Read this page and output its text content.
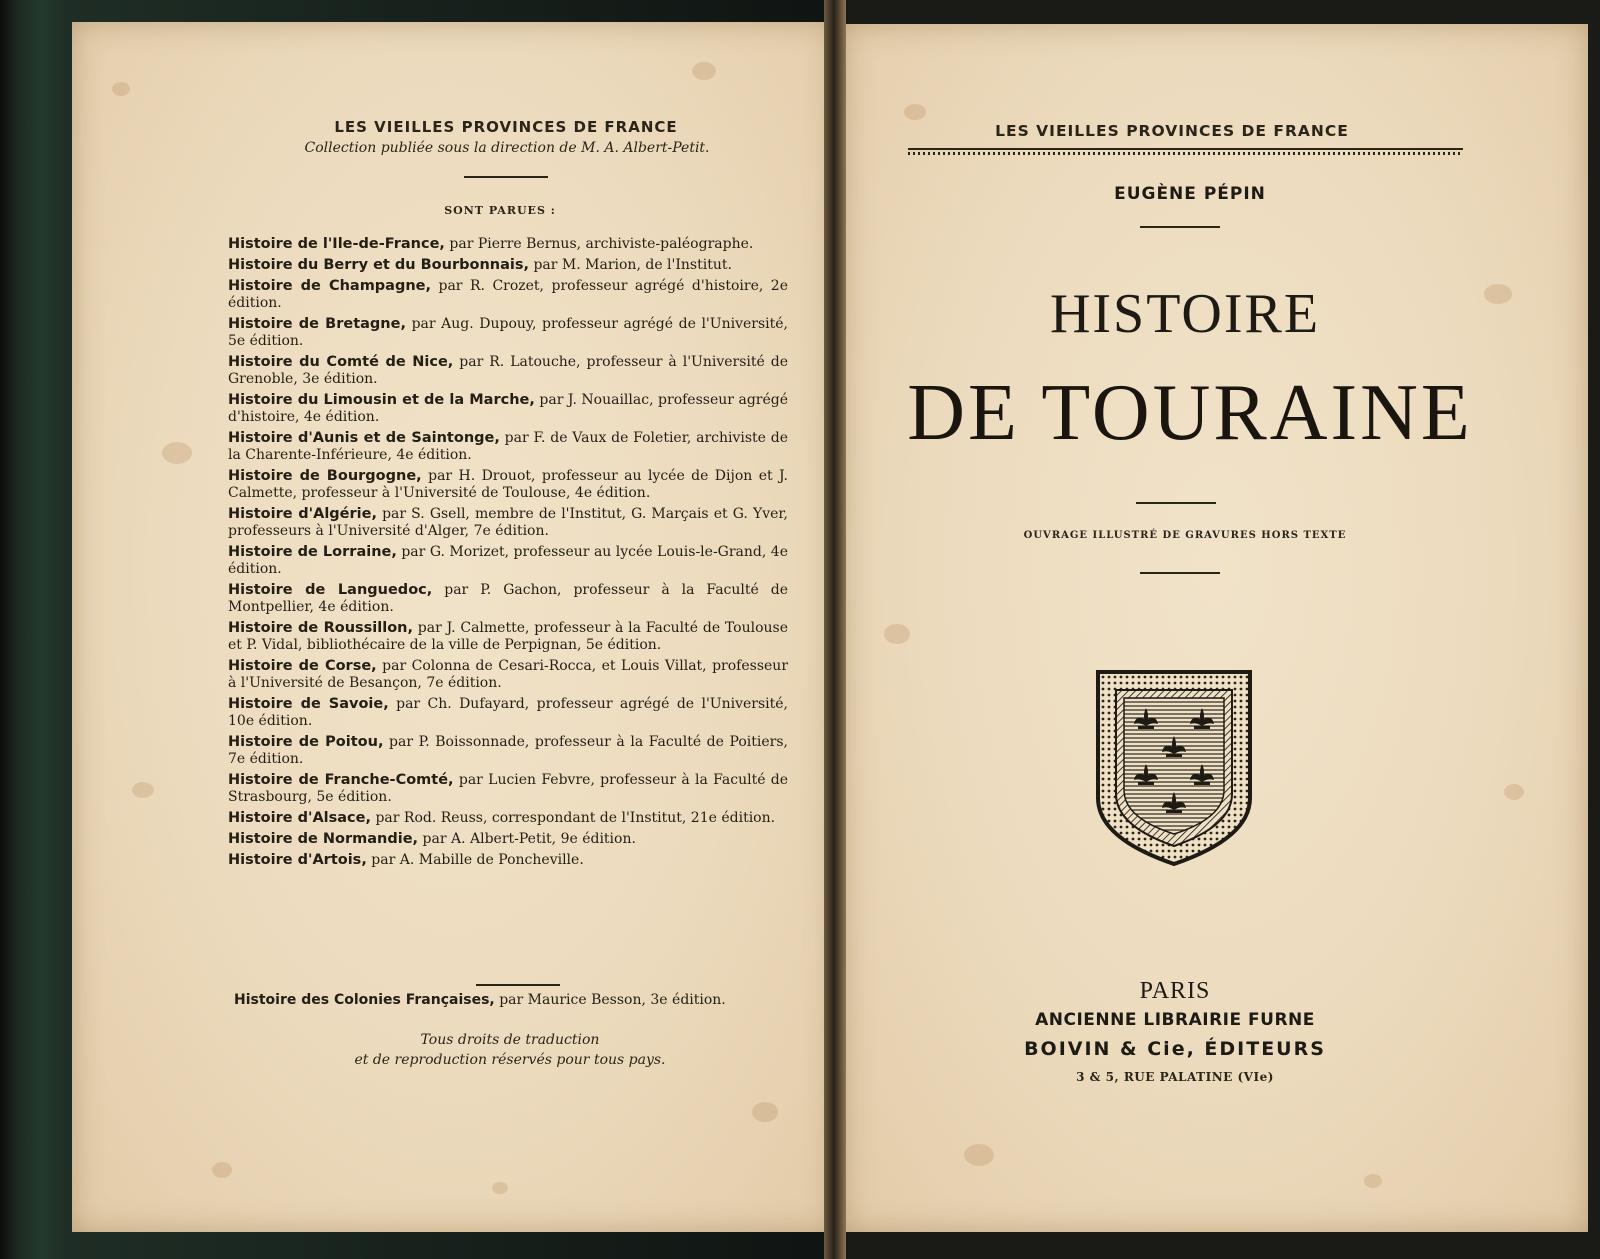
LES VIEILLES PROVINCES DE FRANCE
Collection publiée sous la direction de M. A. Albert-Petit.
SONT PARUES :
Histoire de l'Ile-de-France, par Pierre Bernus, archiviste-paléographe.
Histoire du Berry et du Bourbonnais, par M. Marion, de l'Institut.
Histoire de Champagne, par R. Crozet, professeur agrégé d'histoire, 2e édition.
Histoire de Bretagne, par Aug. Dupouy, professeur agrégé de l'Université, 5e édition.
Histoire du Comté de Nice, par R. Latouche, professeur à l'Université de Grenoble, 3e édition.
Histoire du Limousin et de la Marche, par J. Nouaillac, professeur agrégé d'histoire, 4e édition.
Histoire d'Aunis et de Saintonge, par F. de Vaux de Foletier, archiviste de la Charente-Inférieure, 4e édition.
Histoire de Bourgogne, par H. Drouot, professeur au lycée de Dijon et J. Calmette, professeur à l'Université de Toulouse, 4e édition.
Histoire d'Algérie, par S. Gsell, membre de l'Institut, G. Marçais et G. Yver, professeurs à l'Université d'Alger, 7e édition.
Histoire de Lorraine, par G. Morizet, professeur au lycée Louis-le-Grand, 4e édition.
Histoire de Languedoc, par P. Gachon, professeur à la Faculté de Montpellier, 4e édition.
Histoire de Roussillon, par J. Calmette, professeur à la Faculté de Toulouse et P. Vidal, bibliothécaire de la ville de Perpignan, 5e édition.
Histoire de Corse, par Colonna de Cesari-Rocca, et Louis Villat, professeur à l'Université de Besançon, 7e édition.
Histoire de Savoie, par Ch. Dufayard, professeur agrégé de l'Université, 10e édition.
Histoire de Poitou, par P. Boissonnade, professeur à la Faculté de Poitiers, 7e édition.
Histoire de Franche-Comté, par Lucien Febvre, professeur à la Faculté de Strasbourg, 5e édition.
Histoire d'Alsace, par Rod. Reuss, correspondant de l'Institut, 21e édition.
Histoire de Normandie, par A. Albert-Petit, 9e édition.
Histoire d'Artois, par A. Mabille de Poncheville.
Histoire des Colonies Françaises, par Maurice Besson, 3e édition.
Tous droits de traduction
et de reproduction réservés pour tous pays.
LES VIEILLES PROVINCES DE FRANCE
EUGÈNE PÉPIN
HISTOIRE
DE TOURAINE
OUVRAGE ILLUSTRÉ DE GRAVURES HORS TEXTE
PARIS
ANCIENNE LIBRAIRIE FURNE
BOIVIN & Cie, ÉDITEURS
3 & 5, RUE PALATINE (VIe)
